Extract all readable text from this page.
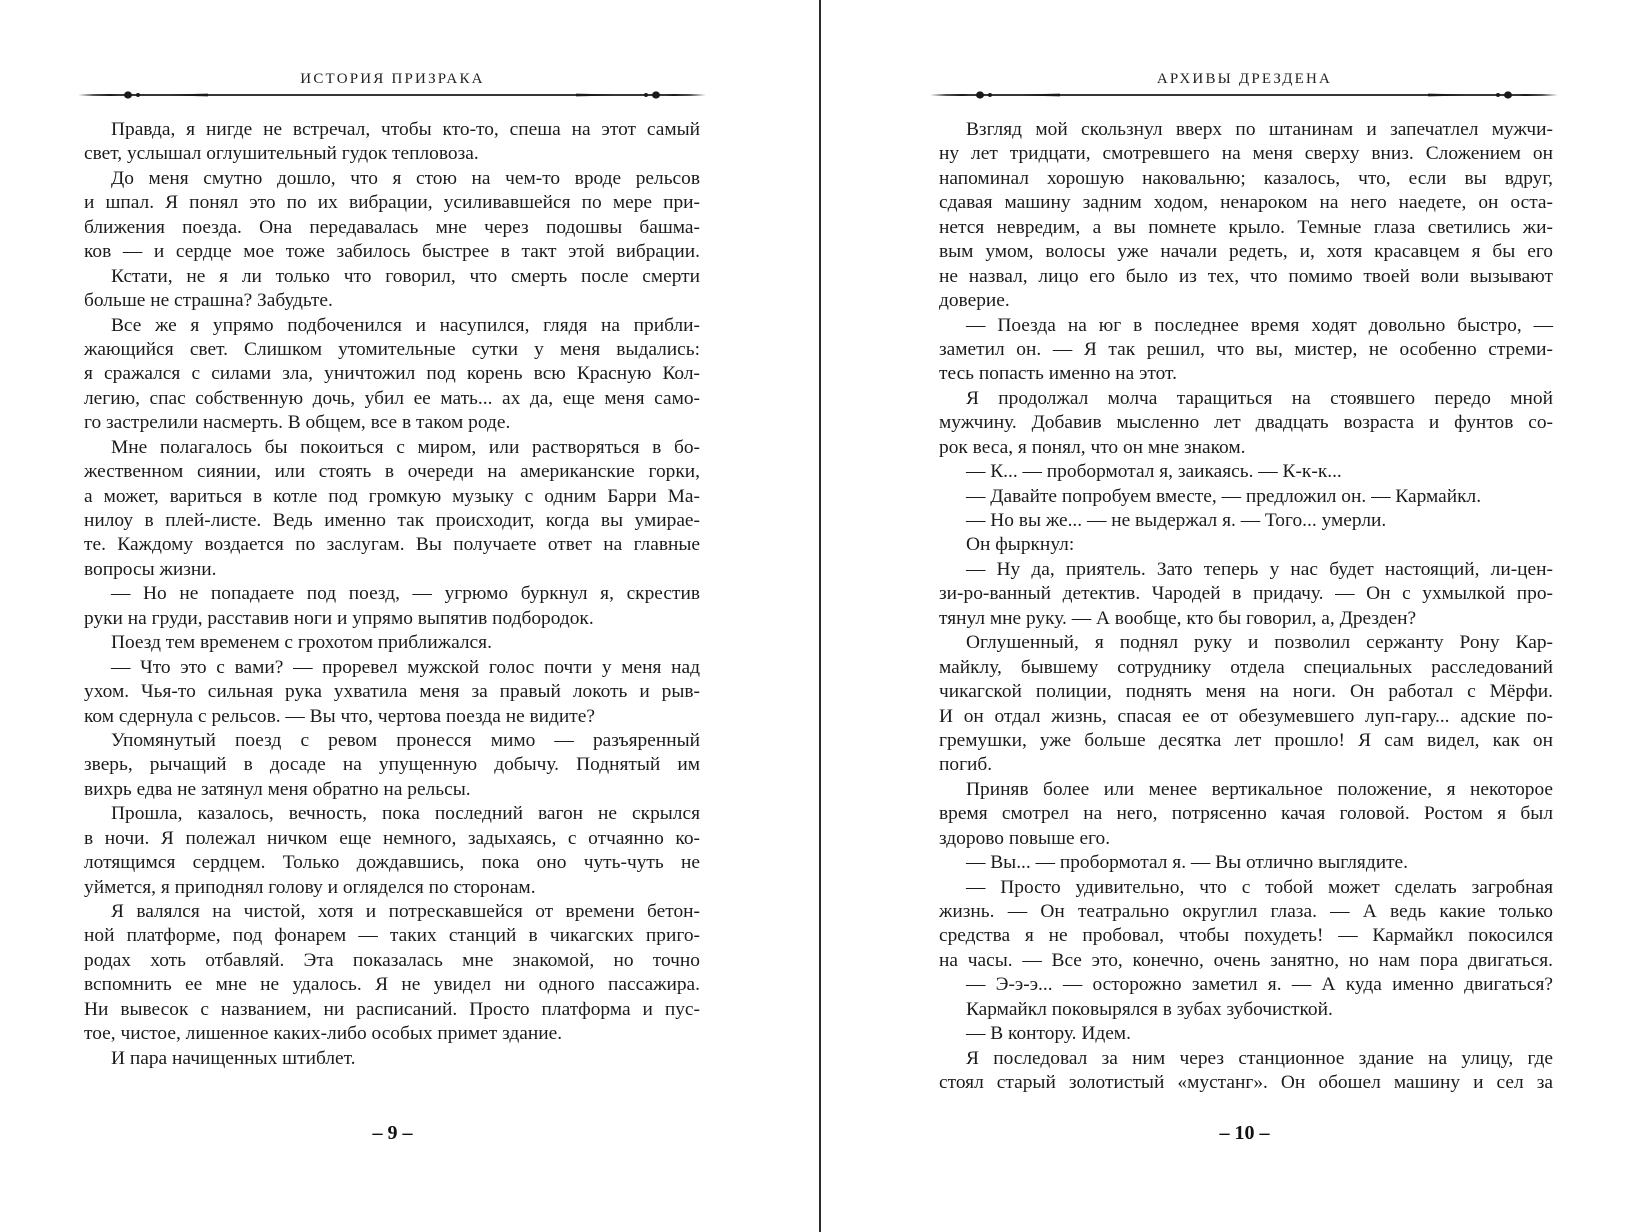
ИСТОРИЯ ПРИЗРАКА
Правда, я нигде не встречал, чтобы кто-то, спеша на этот самый
свет, услышал оглушительный гудок тепловоза.
До меня смутно дошло, что я стою на чем-то вроде рельсов
и шпал. Я понял это по их вибрации, усиливавшейся по мере при-
ближения поезда. Она передавалась мне через подошвы башма-
ков — и сердце мое тоже забилось быстрее в такт этой вибрации.
Кстати, не я ли только что говорил, что смерть после смерти
больше не страшна? Забудьте.
Все же я упрямо подбоченился и насупился, глядя на прибли-
жающийся свет. Слишком утомительные сутки у меня выдались:
я сражался с силами зла, уничтожил под корень всю Красную Кол-
легию, спас собственную дочь, убил ее мать... ах да, еще меня само-
го застрелили насмерть. В общем, все в таком роде.
Мне полагалось бы покоиться с миром, или растворяться в бо-
жественном сиянии, или стоять в очереди на американские горки,
а может, вариться в котле под громкую музыку с одним Барри Ма-
нилоу в плей-листе. Ведь именно так происходит, когда вы умирае-
те. Каждому воздается по заслугам. Вы получаете ответ на главные
вопросы жизни.
— Но не попадаете под поезд, — угрюмо буркнул я, скрестив
руки на груди, расставив ноги и упрямо выпятив подбородок.
Поезд тем временем с грохотом приближался.
— Что это с вами? — проревел мужской голос почти у меня над
ухом. Чья-то сильная рука ухватила меня за правый локоть и рыв-
ком сдернула с рельсов. — Вы что, чертова поезда не видите?
Упомянутый поезд с ревом пронесся мимо — разъяренный
зверь, рычащий в досаде на упущенную добычу. Поднятый им
вихрь едва не затянул меня обратно на рельсы.
Прошла, казалось, вечность, пока последний вагон не скрылся
в ночи. Я полежал ничком еще немного, задыхаясь, с отчаянно ко-
лотящимся сердцем. Только дождавшись, пока оно чуть-чуть не
уймется, я приподнял голову и огляделся по сторонам.
Я валялся на чистой, хотя и потрескавшейся от времени бетон-
ной платформе, под фонарем — таких станций в чикагских приго-
родах хоть отбавляй. Эта показалась мне знакомой, но точно
вспомнить ее мне не удалось. Я не увидел ни одного пассажира.
Ни вывесок с названием, ни расписаний. Просто платформа и пус-
тое, чистое, лишенное каких-либо особых примет здание.
И пара начищенных штиблет.
– 9 –
АРХИВЫ ДРЕЗДЕНА
Взгляд мой скользнул вверх по штанинам и запечатлел мужчи-
ну лет тридцати, смотревшего на меня сверху вниз. Сложением он
напоминал хорошую наковальню; казалось, что, если вы вдруг,
сдавая машину задним ходом, ненароком на него наедете, он оста-
нется невредим, а вы помнете крыло. Темные глаза светились жи-
вым умом, волосы уже начали редеть, и, хотя красавцем я бы его
не назвал, лицо его было из тех, что помимо твоей воли вызывают
доверие.
— Поезда на юг в последнее время ходят довольно быстро, —
заметил он. — Я так решил, что вы, мистер, не особенно стреми-
тесь попасть именно на этот.
Я продолжал молча таращиться на стоявшего передо мной
мужчину. Добавив мысленно лет двадцать возраста и фунтов со-
рок веса, я понял, что он мне знаком.
— К... — пробормотал я, заикаясь. — К-к-к...
— Давайте попробуем вместе, — предложил он. — Кармайкл.
— Но вы же... — не выдержал я. — Того... умерли.
Он фыркнул:
— Ну да, приятель. Зато теперь у нас будет настоящий, ли-цен-
зи-ро-ванный детектив. Чародей в придачу. — Он с ухмылкой про-
тянул мне руку. — А вообще, кто бы говорил, а, Дрезден?
Оглушенный, я поднял руку и позволил сержанту Рону Кар-
майклу, бывшему сотруднику отдела специальных расследований
чикагской полиции, поднять меня на ноги. Он работал с Мёрфи.
И он отдал жизнь, спасая ее от обезумевшего луп-гару... адские по-
гремушки, уже больше десятка лет прошло! Я сам видел, как он
погиб.
Приняв более или менее вертикальное положение, я некоторое
время смотрел на него, потрясенно качая головой. Ростом я был
здорово повыше его.
— Вы... — пробормотал я. — Вы отлично выглядите.
— Просто удивительно, что с тобой может сделать загробная
жизнь. — Он театрально округлил глаза. — А ведь какие только
средства я не пробовал, чтобы похудеть! — Кармайкл покосился
на часы. — Все это, конечно, очень занятно, но нам пора двигаться.
— Э-э-э... — осторожно заметил я. — А куда именно двигаться?
Кармайкл поковырялся в зубах зубочисткой.
— В контору. Идем.
Я последовал за ним через станционное здание на улицу, где
стоял старый золотистый «мустанг». Он обошел машину и сел за
– 10 –
